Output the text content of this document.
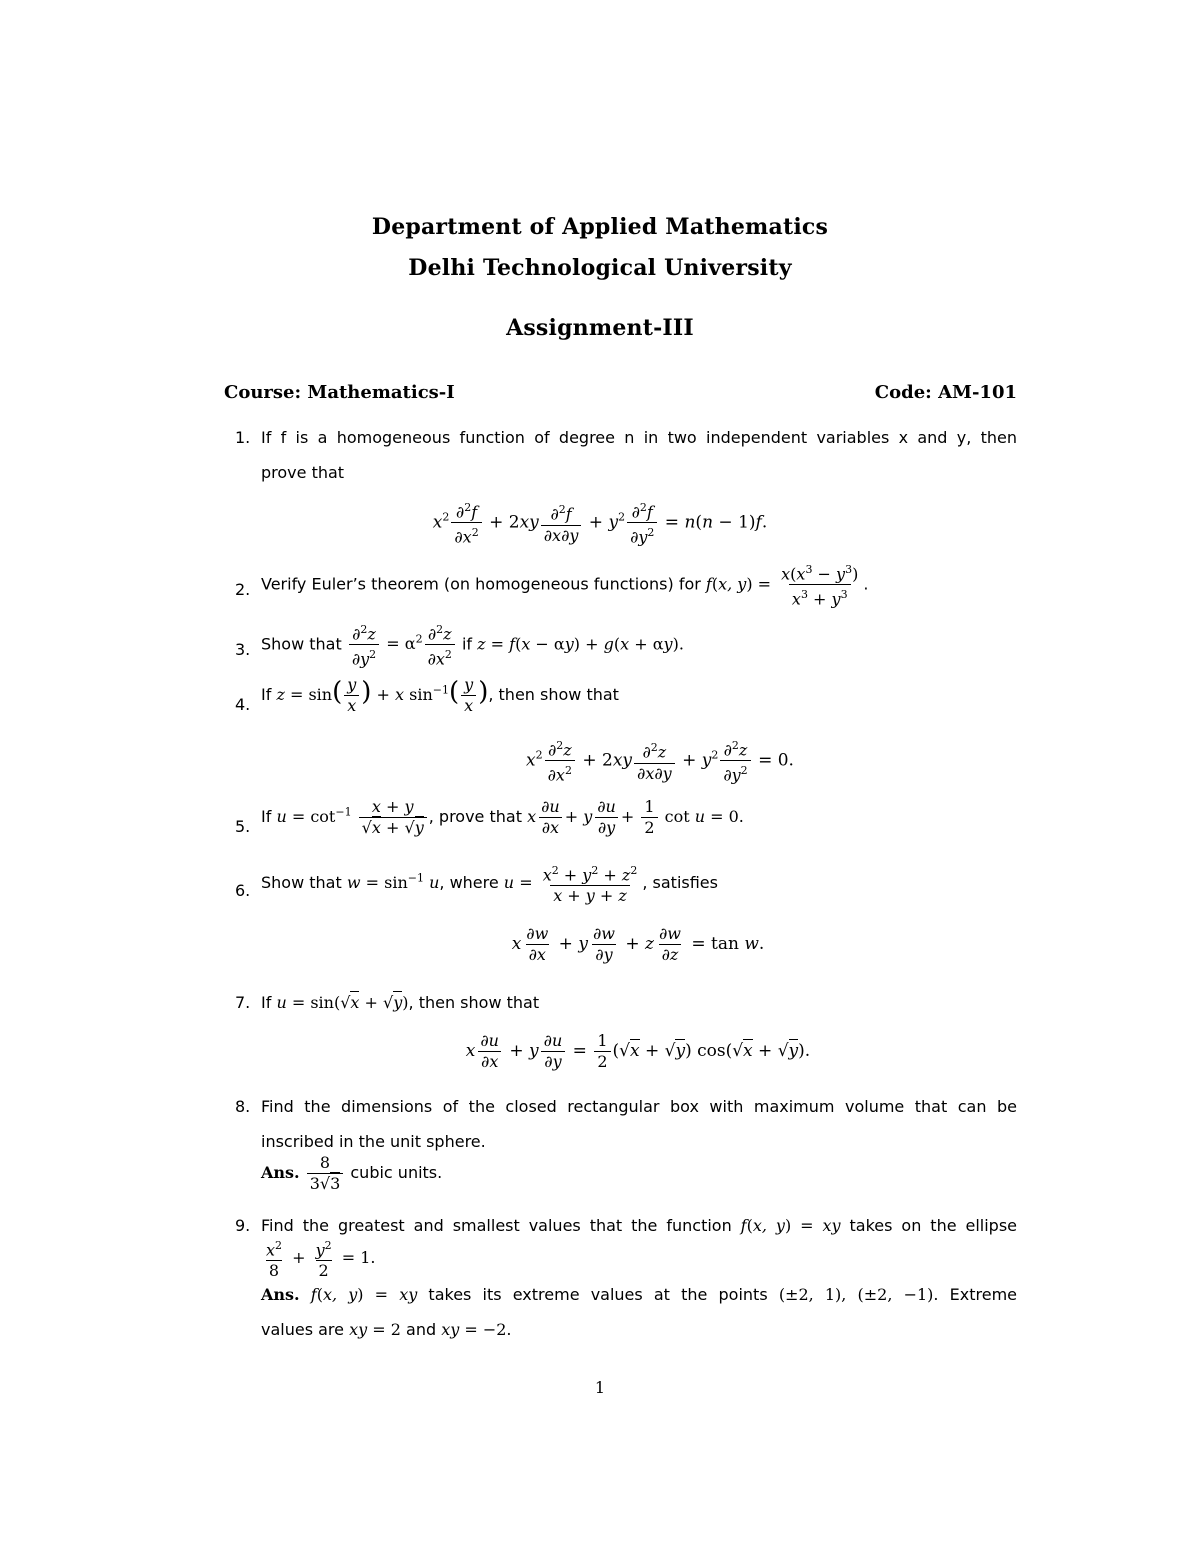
Department of Applied Mathematics
Delhi Technological University
Assignment-III
Course: Mathematics-I	Code: AM-101
1. If f is a homogeneous function of degree n in two independent variables x and y, then
prove that
$x^2 \frac{\partial^2f}{\partial x^2} + 2xy \frac{\partial^2f}{\partial x\partial y} + y^2 \frac{\partial^2f}{\partial y^2} = n(n - 1)f$.
2. Verify Euler’s theorem (on homogeneous functions) for f(x, $y) = \frac{x(x^3 - y^3)}{x^3 + y^3}$ .
3. Show that $\frac{\partial^2z}{\partial y^2} = \alpha^2 \frac{\partial^2z}{\partial x^2}$ if z = f(x − αy) + g(x + αy).
4.
If $z = \sin( \frac{y}{x}$ ) + x $\sin^{-1}( \frac{y}{x}$ ), then show that
$x^2 \frac{\partial^2z}{\partial x^2} + 2xy \frac{\partial^2z}{\partial x\partial y} + y^2 \frac{\partial^2z}{\partial y^2} = 0$.
5.
If $u = \cot^{-1} \frac{x + y}{√x + √y}$ , prove that x $\frac{\partial u}{\partial x} + y \frac{\partial u}{\partial y} + \frac{1}{2}$ cot u = 0.
6. Show that $w = \sin^{-1} u$, where $u = \frac{x^2 + y^2 + z^2}{x + y + z}$ , satisfies
x $\frac{\partial w}{\partial x} + y \frac{\partial w}{\partial y} + z \frac{\partial w}{\partial z} = \tan w$.
7. If u = sin(√x + √y), then show that
x $\frac{\partial u}{\partial x} + y \frac{\partial u}{\partial y} = \frac{1}{2} (√x + √y) \cos(√x + √y)$.
8. Find the dimensions of the closed rectangular box with maximum volume that can be
inscribed in the unit sphere.
Ans. $\frac{8}{3√3}$ cubic units.
9. Find the greatest and smallest values that the function f(x, y) = xy takes on the ellipse
$\frac{x^2}{8} + \frac{y^2}{2} = 1$.
Ans. f(x, y) = xy takes its extreme values at the points (±2, 1), (±2, −1). Extreme
values are xy = 2 and xy = −2.
1
